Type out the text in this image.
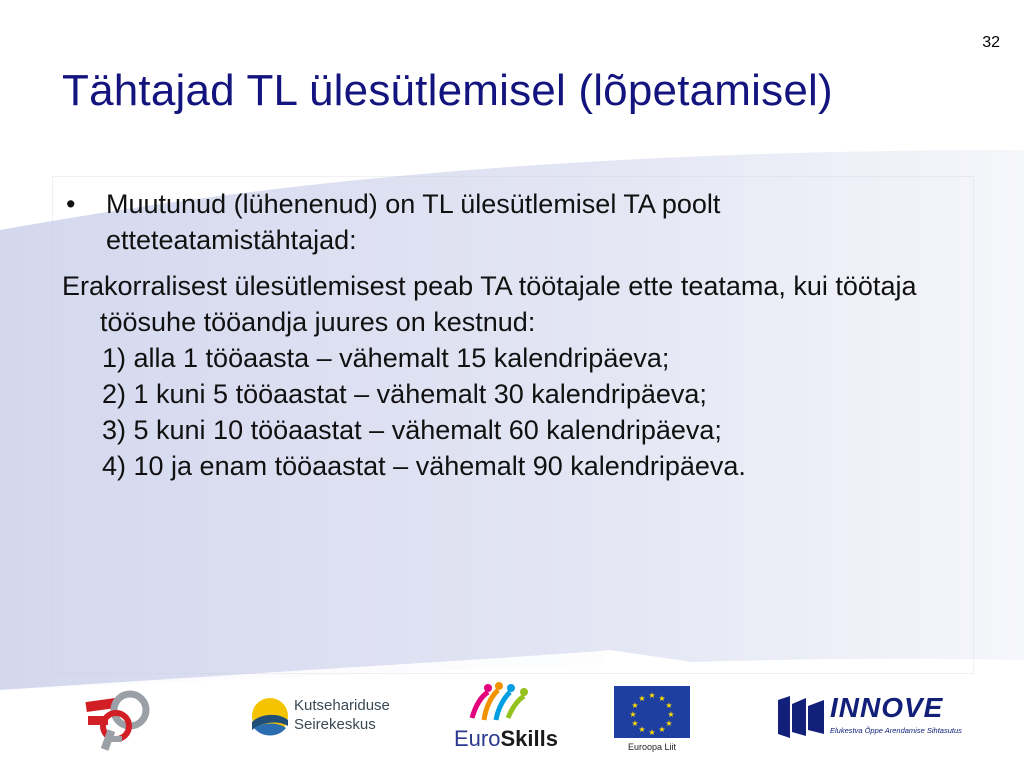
32
Tähtajad TL ülesütlemisel (lõpetamisel)
•	Muutunud (lühenenud) on TL ülesütlemisel TA poolt etteteatamistähtajad:
Erakorralisest ülesütlemisest peab TA töötajale ette teatama, kui töötaja töösuhe tööandja juures on kestnud:
1) alla 1 tööaasta – vähemalt 15 kalendripäeva;
2) 1 kuni 5 tööaastat – vähemalt 30 kalendripäeva;
3) 5 kuni 10 tööaastat – vähemalt 60 kalendripäeva;
4) 10 ja enam tööaastat – vähemalt 90 kalendripäeva.
Kutsehariduse
Seirekeskus
EuroSkills
★ ★
★
★
★
★
★
★
★
★
★
★
Euroopa Liit
INNOVE
Elukestva Õppe Arendamise Sihtasutus
